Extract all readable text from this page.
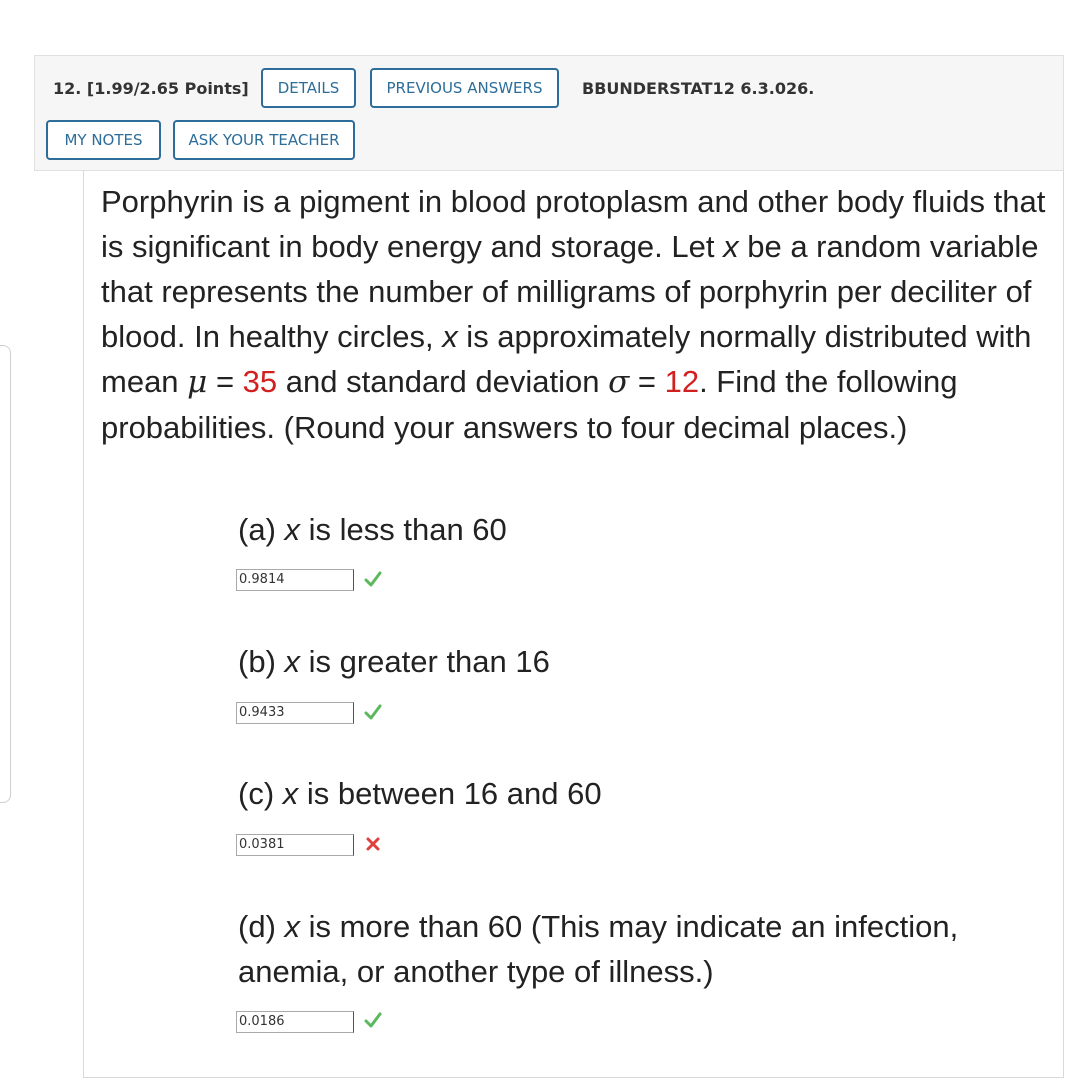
12. [1.99/2.65 Points]	DETAILS	PREVIOUS ANSWERS	BBUNDERSTAT12 6.3.026.
MY NOTES	ASK YOUR TEACHER
Porphyrin is a pigment in blood protoplasm and other body fluids that is significant in body energy and storage. Let x be a random variable that represents the number of milligrams of porphyrin per deciliter of blood. In healthy circles, x is approximately normally distributed with mean μ = 35 and standard deviation σ = 12. Find the following probabilities. (Round your answers to four decimal places.)
(a) x is less than 60
0.9814
(b) x is greater than 16
0.9433
(c) x is between 16 and 60
0.0381
(d) x is more than 60 (This may indicate an infection, anemia, or another type of illness.)
0.0186
